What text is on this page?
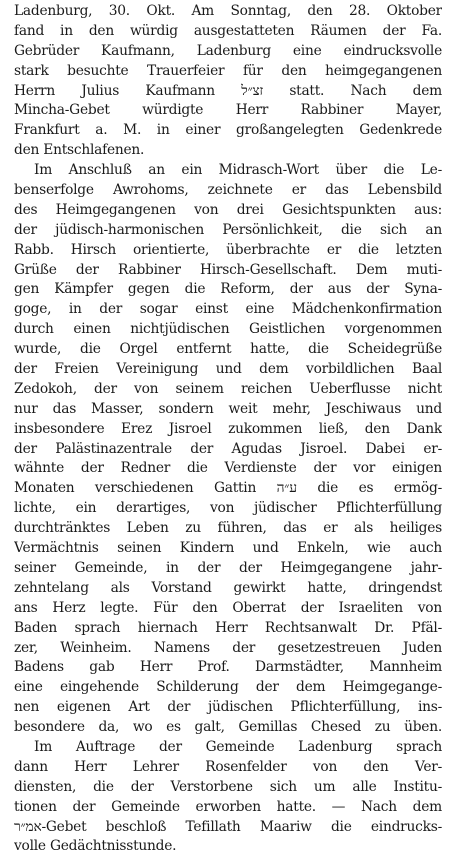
Ladenburg, 30. Okt. Am Sonntag, den 28. Oktober
fand in den würdig ausgestatteten Räumen der Fa.
Gebrüder Kaufmann, Ladenburg eine eindrucksvolle
stark besuchte Trauerfeier für den heimgegangenen
Herrn Julius Kaufmann זצ״ל statt. Nach dem
Mincha-Gebet würdigte Herr Rabbiner Mayer,
Frankfurt a. M. in einer großangelegten Gedenkrede
den Entschlafenen.
Im Anschluß an ein Midrasch-Wort über die Le-
benserfolge Awrohoms, zeichnete er das Lebensbild
des Heimgegangenen von drei Gesichtspunkten aus:
der jüdisch-harmonischen Persönlichkeit, die sich an
Rabb. Hirsch orientierte, überbrachte er die letzten
Grüße der Rabbiner Hirsch-Gesellschaft. Dem muti-
gen Kämpfer gegen die Reform, der aus der Syna-
goge, in der sogar einst eine Mädchenkonfirmation
durch einen nichtjüdischen Geistlichen vorgenommen
wurde, die Orgel entfernt hatte, die Scheidegrüße
der Freien Vereinigung und dem vorbildlichen Baal
Zedokoh, der von seinem reichen Ueberflusse nicht
nur das Masser, sondern weit mehr, Jeschiwaus und
insbesondere Erez Jisroel zukommen ließ, den Dank
der Palästinazentrale der Agudas Jisroel. Dabei er-
wähnte der Redner die Verdienste der vor einigen
Monaten verschiedenen Gattin ע״ה die es ermög-
lichte, ein derartiges, von jüdischer Pflichterfüllung
durchtränktes Leben zu führen, das er als heiliges
Vermächtnis seinen Kindern und Enkeln, wie auch
seiner Gemeinde, in der der Heimgegangene jahr-
zehntelang als Vorstand gewirkt hatte, dringendst
ans Herz legte. Für den Oberrat der Israeliten von
Baden sprach hiernach Herr Rechtsanwalt Dr. Pfäl-
zer, Weinheim. Namens der gesetzestreuen Juden
Badens gab Herr Prof. Darmstädter, Mannheim
eine eingehende Schilderung der dem Heimgegange-
nen eigenen Art der jüdischen Pflichterfüllung, ins-
besondere da, wo es galt, Gemillas Chesed zu üben.
Im Auftrage der Gemeinde Ladenburg sprach
dann Herr Lehrer Rosenfelder von den Ver-
diensten, die der Verstorbene sich um alle Institu-
tionen der Gemeinde erworben hatte. — Nach dem
אמ״ר-Gebet beschloß Tefillath Maariw die eindrucks-
volle Gedächtnisstunde.
